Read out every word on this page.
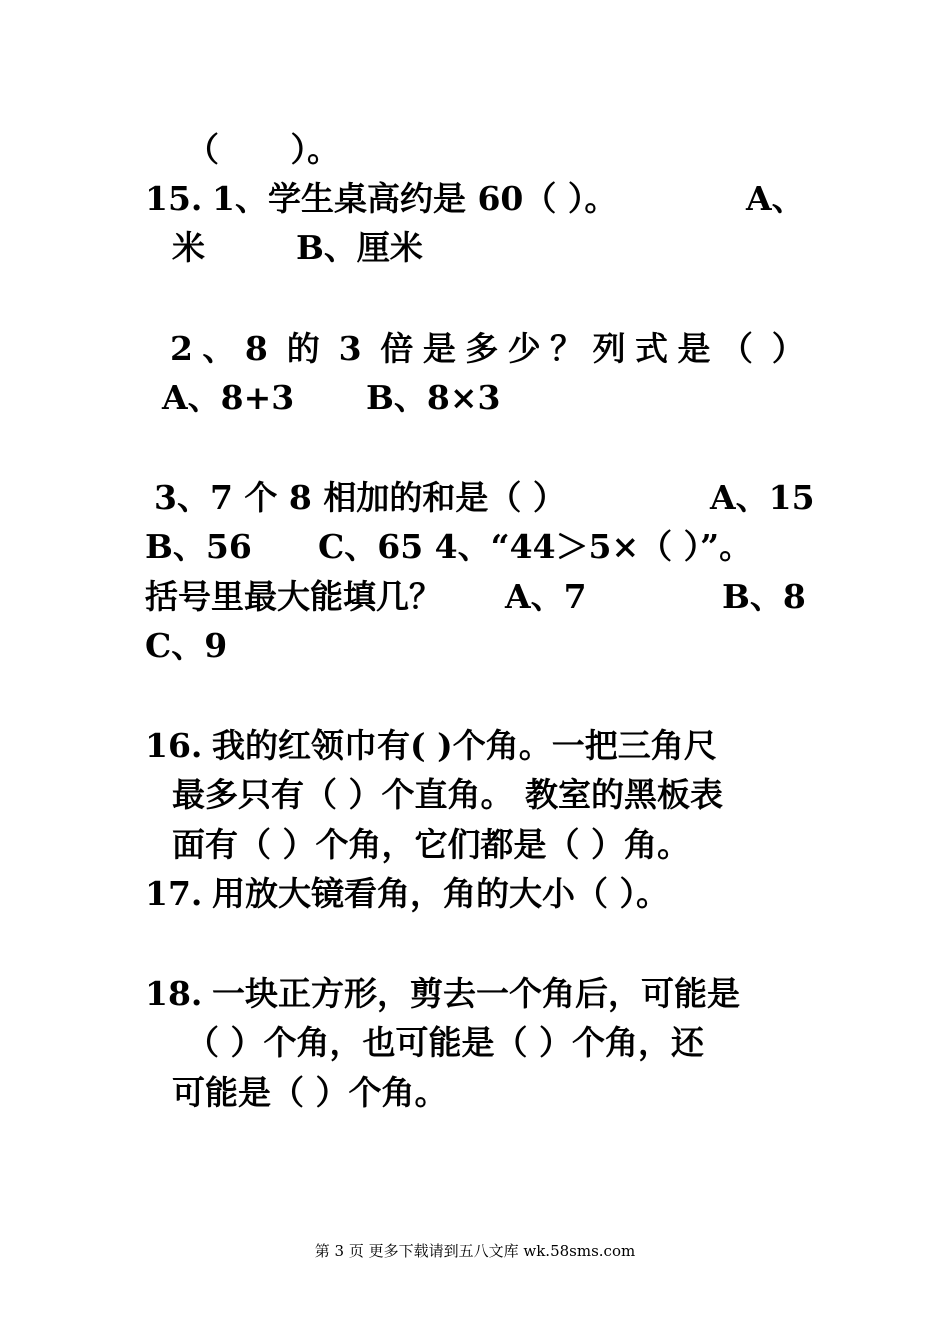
（ ）。
15. 1、学生桌高约是 60（ ）。	A、
米	B、厘米
2 、 8 的 3 倍 是 多 少 ？ 列 式 是 （ ）
A、8+3 B、8×3
3、7 个 8 相加的和是（ ）	A、15
B、56 C、65 4、“44＞5×（ ）”。
括号里最大能填几？ A、7	B、8
C、9
16. 我的红领巾有( )个角。一把三角尺
最多只有（ ）个直角。 教室的黑板表
面有（ ）个角，它们都是（ ）角。
17. 用放大镜看角，角的大小（ ）。
18. 一块正方形，剪去一个角后，可能是
（ ）个角，也可能是（ ）个角，还
可能是（ ）个角。
第 3 页 更多下载请到五八文库 wk.58sms.com
